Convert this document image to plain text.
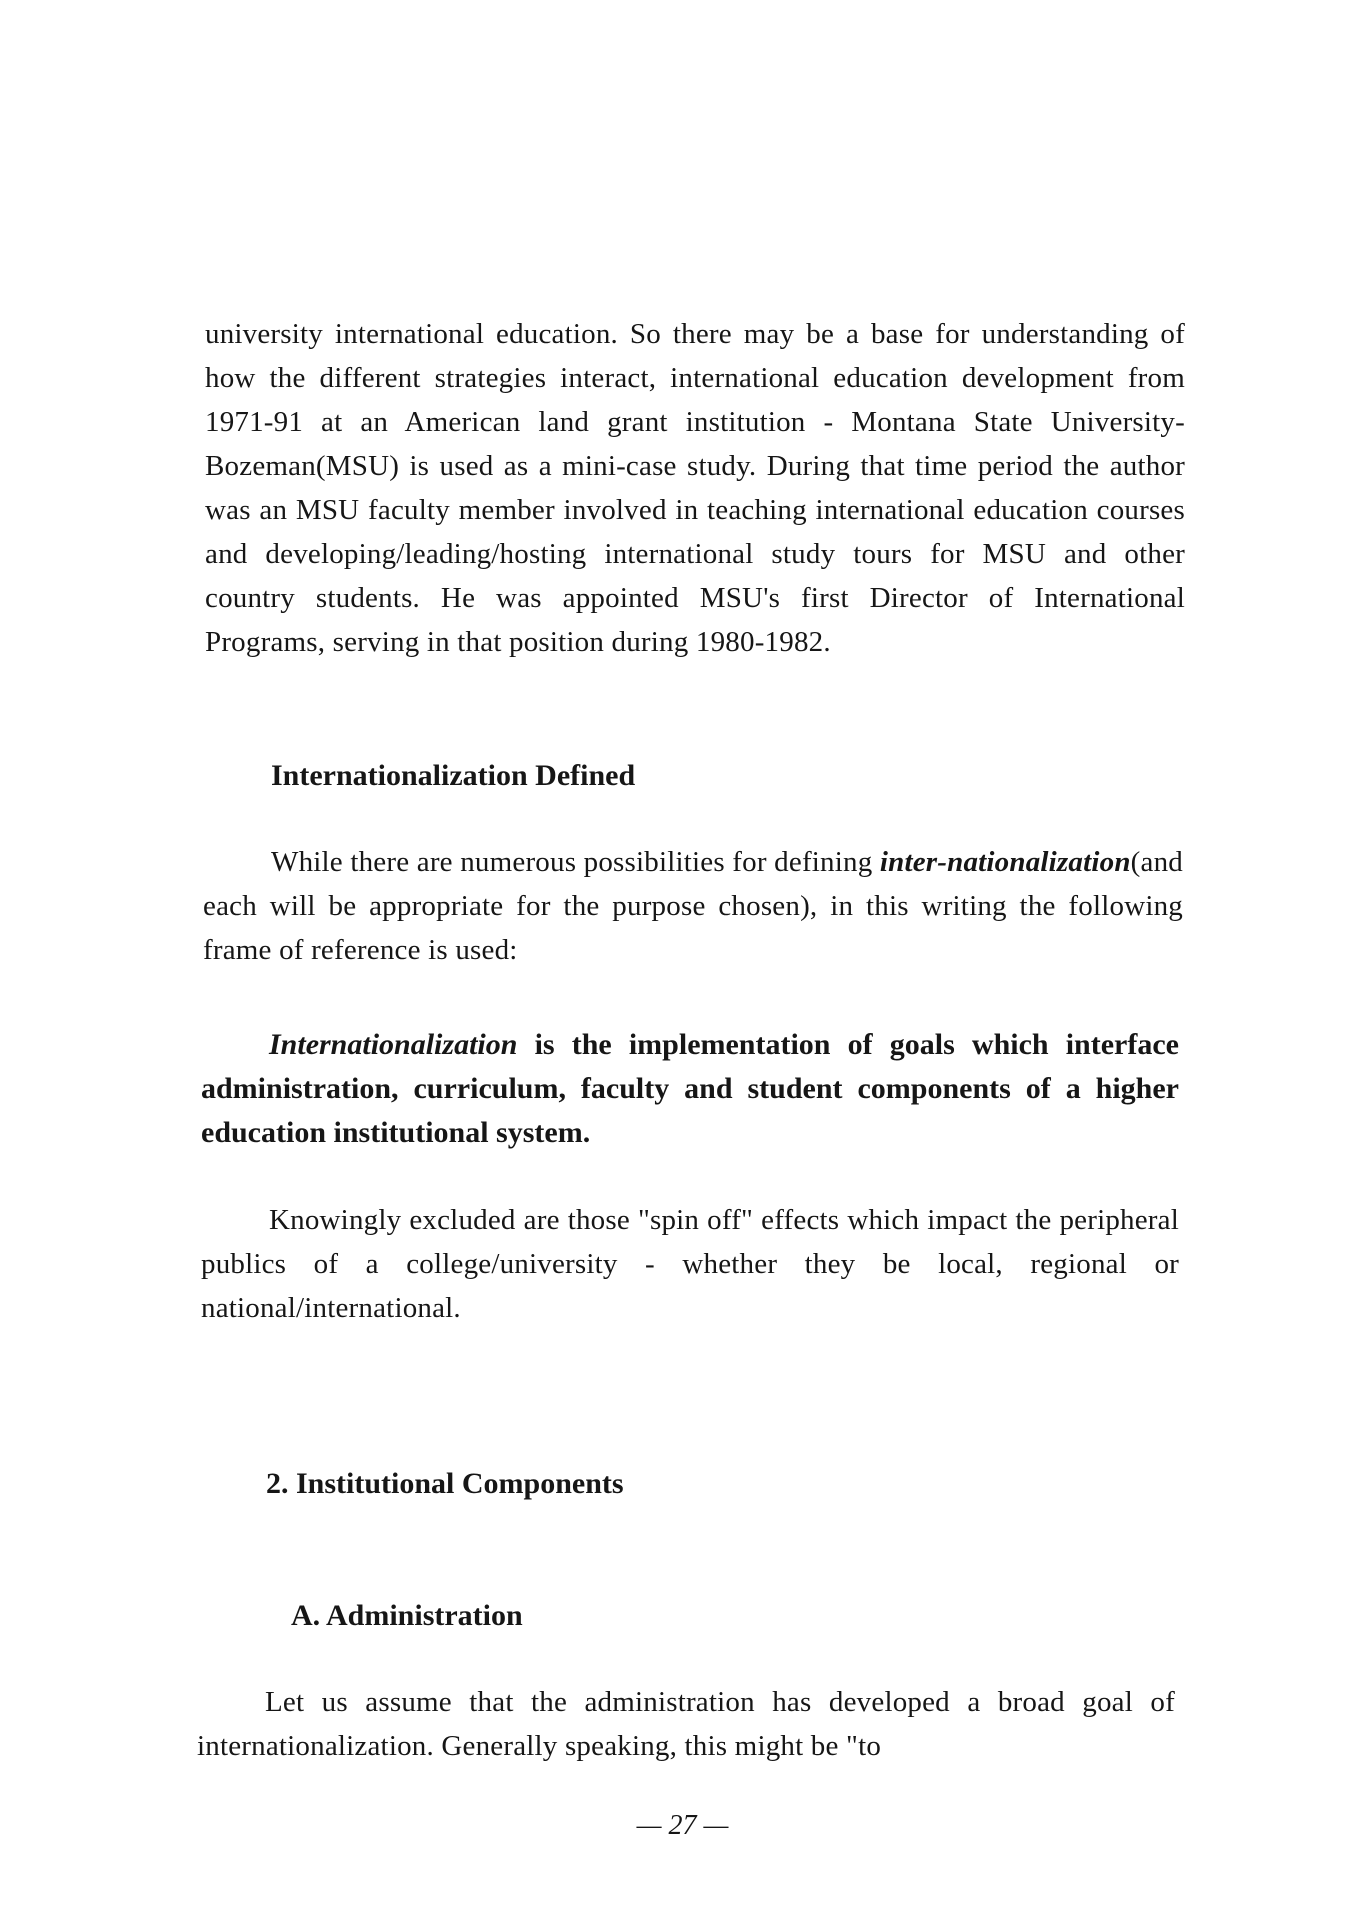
university international education. So there may be a base for understanding of how the different strategies interact, international education development from 1971-91 at an American land grant institution - Montana State University-Bozeman(MSU) is used as a mini-case study. During that time period the author was an MSU faculty member involved in teaching international education courses and developing/leading/hosting international study tours for MSU and other country students. He was appointed MSU's first Director of International Programs, serving in that position during 1980-1982.

Internationalization Defined

While there are numerous possibilities for defining inter-nationalization(and each will be appropriate for the purpose chosen), in this writing the following frame of reference is used:

Internationalization is the implementation of goals which interface administration, curriculum, faculty and student components of a higher education institutional system.

Knowingly excluded are those "spin off" effects which impact the peripheral publics of a college/university - whether they be local, regional or national/international.

2. Institutional Components
A. Administration

Let us assume that the administration has developed a broad goal of internationalization. Generally speaking, this might be "to

— 27 —
